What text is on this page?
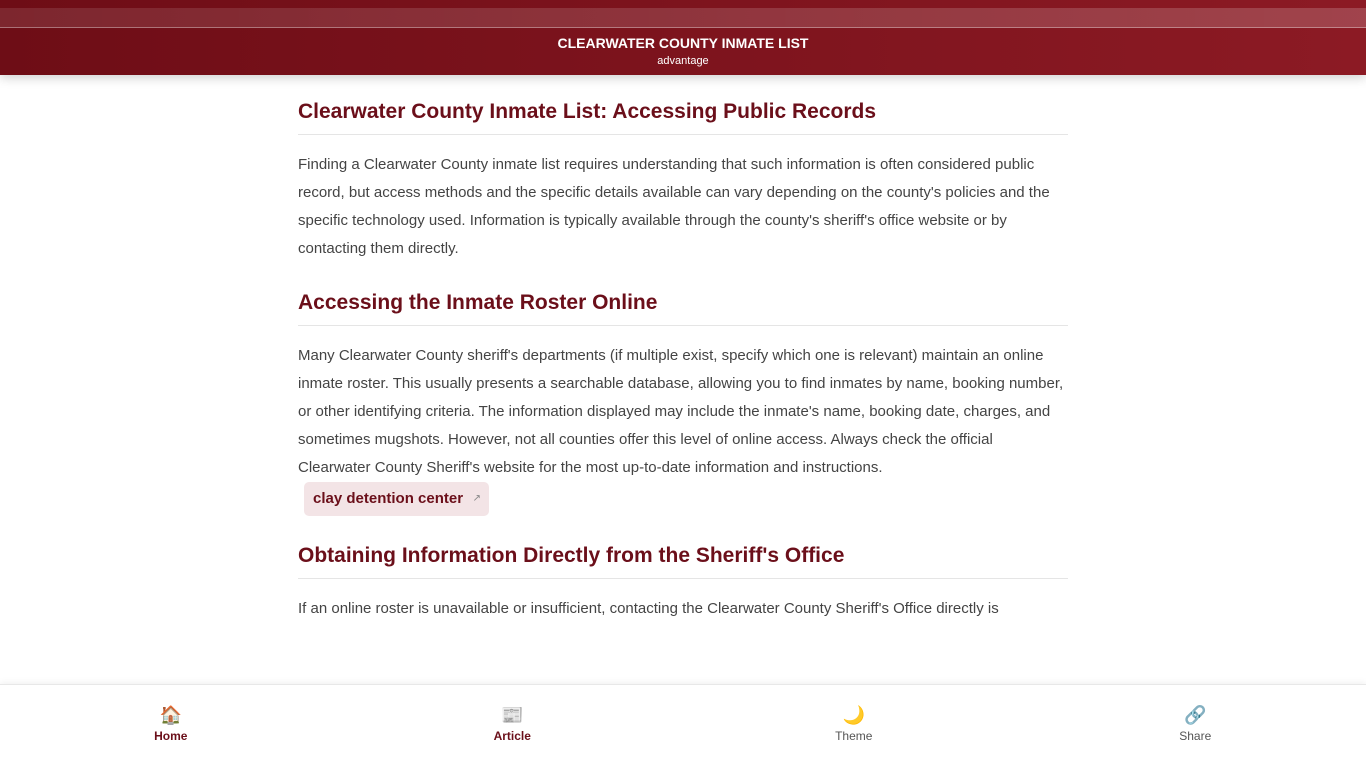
CLEARWATER COUNTY INMATE LIST
advantage
Clearwater County Inmate List: Accessing Public Records

Finding a Clearwater County inmate list requires understanding that such information is often considered public record, but access methods and the specific details available can vary depending on the county's policies and the specific technology used. Information is typically available through the county's sheriff's office website or by contacting them directly.

Accessing the Inmate Roster Online

Many Clearwater County sheriff's departments (if multiple exist, specify which one is relevant) maintain an online inmate roster. This usually presents a searchable database, allowing you to find inmates by name, booking number, or other identifying criteria. The information displayed may include the inmate's name, booking date, charges, and sometimes mugshots. However, not all counties offer this level of online access. Always check the official Clearwater County Sheriff's website for the most up-to-date information and instructions.clay detention center ↗

Obtaining Information Directly from the Sheriff's Office

If an online roster is unavailable or insufficient, contacting the Clearwater County Sheriff's Office directly is

🏠
Home
📰
Article
🌙
Theme
🔗
Share
